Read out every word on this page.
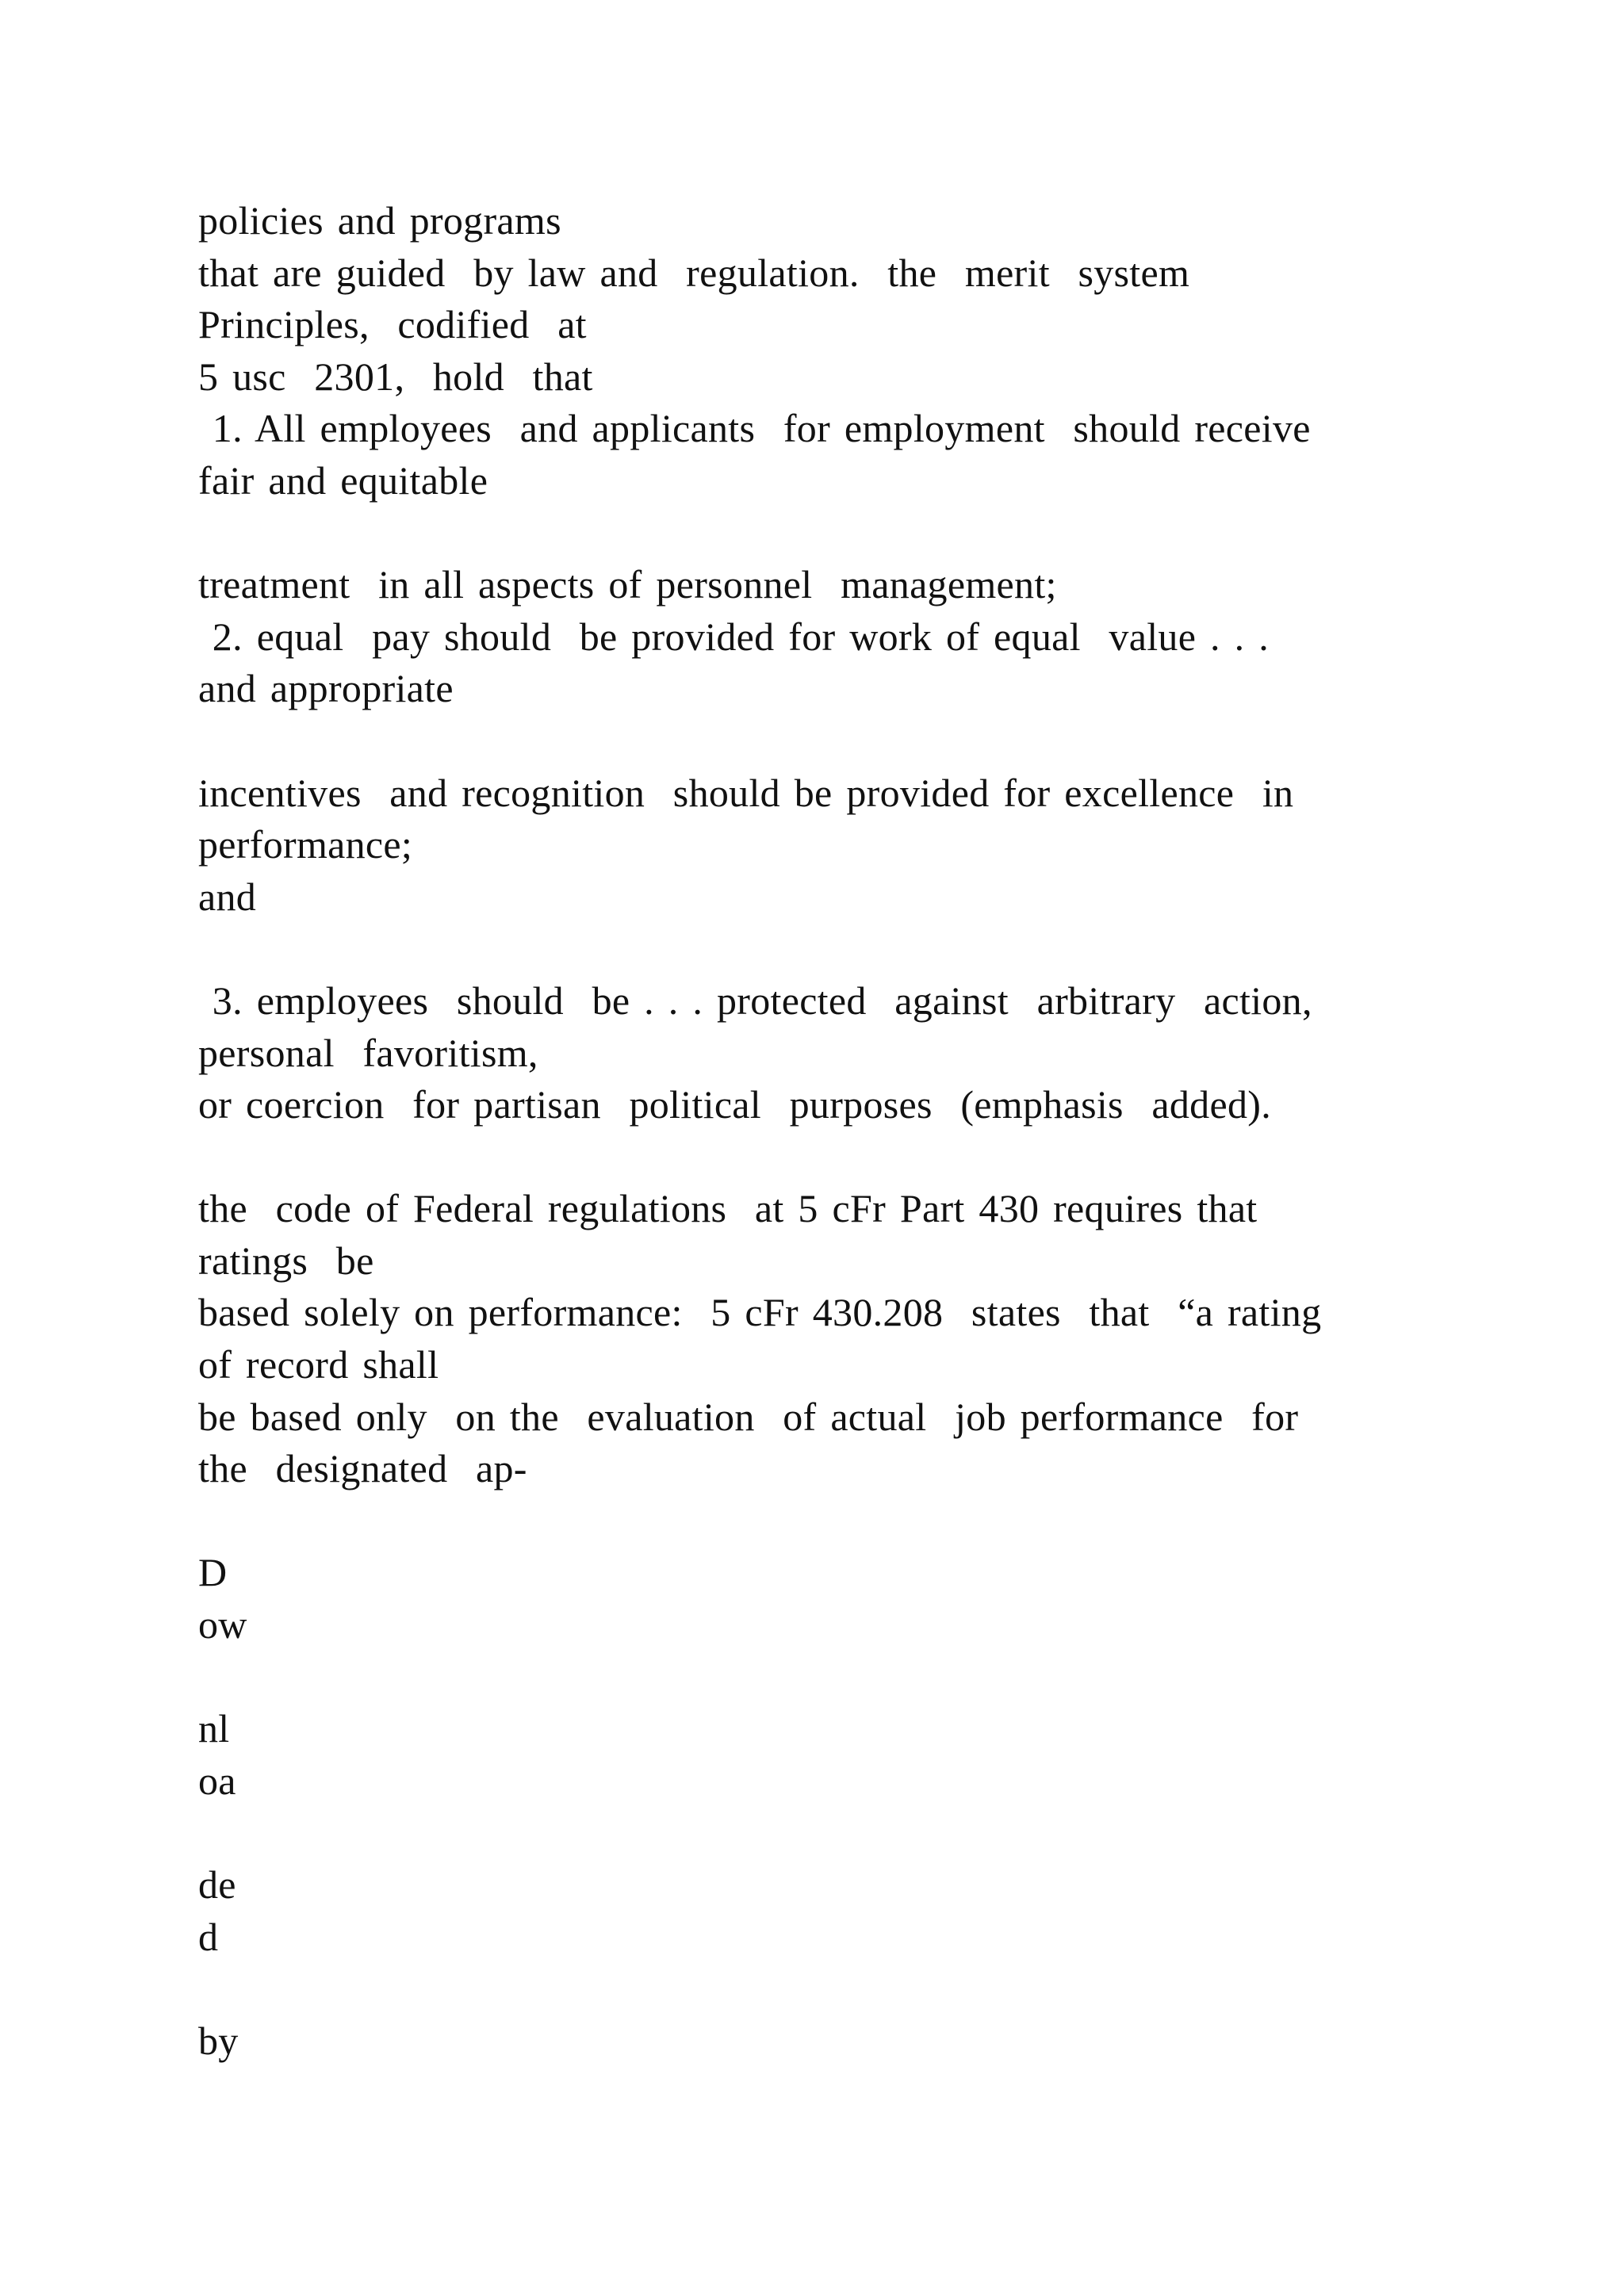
policies and programs
that are guided  by law and  regulation.  the  merit  system
Principles,  codified  at
5 usc  2301,  hold  that
1. All employees  and applicants  for employment  should receive
fair and equitable
treatment  in all aspects of personnel  management;
2. equal  pay should  be provided for work of equal  value . . .
and appropriate
incentives  and recognition  should be provided for excellence  in
performance;
and
3. employees  should  be . . . protected  against  arbitrary  action,
personal  favoritism,
or coercion  for partisan  political  purposes  (emphasis  added).
the  code of Federal regulations  at 5 cFr Part 430 requires that
ratings  be
based solely on performance:  5 cFr 430.208  states  that  “a rating
of record shall
be based only  on the  evaluation  of actual  job performance  for
the  designated  ap-
D
ow
nl
oa
de
d
by
